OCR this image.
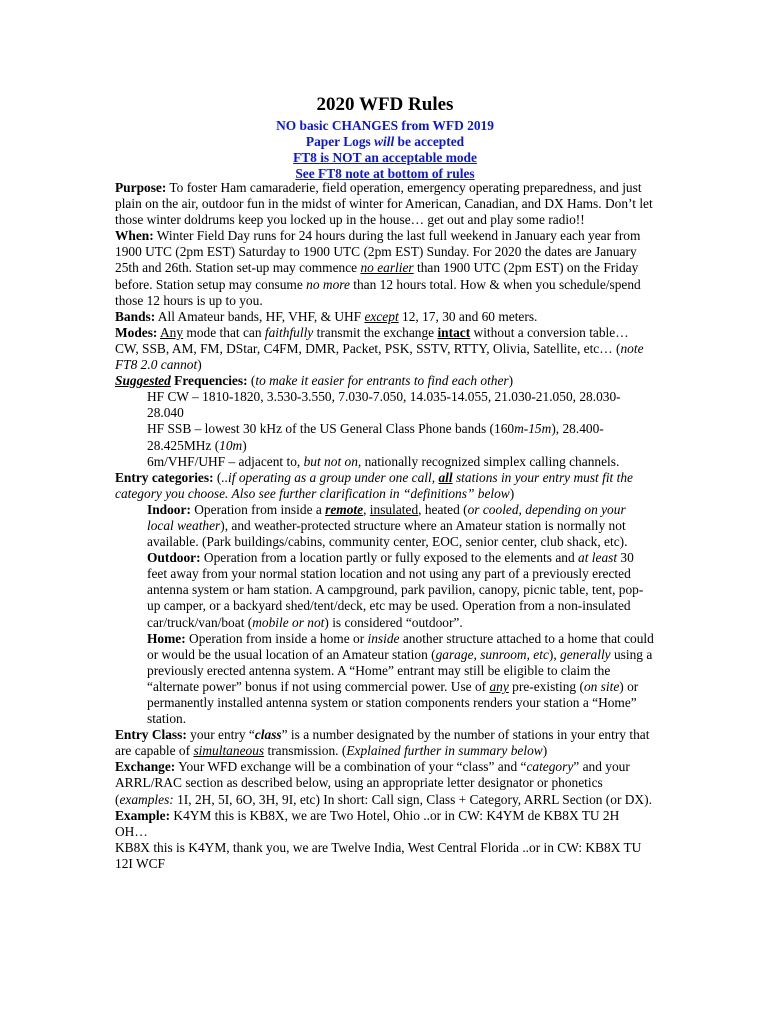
2020 WFD Rules
NO basic CHANGES from WFD 2019
Paper Logs will be accepted
FT8 is NOT an acceptable mode
See FT8 note at bottom of rules

Purpose: To foster Ham camaraderie, field operation, emergency operating preparedness, and just plain on the air, outdoor fun in the midst of winter for American, Canadian, and DX Hams. Don’t let those winter doldrums keep you locked up in the house… get out and play some radio!!

When: Winter Field Day runs for 24 hours during the last full weekend in January each year from 1900 UTC (2pm EST) Saturday to 1900 UTC (2pm EST) Sunday. For 2020 the dates are January 25th and 26th. Station set-up may commence no earlier than 1900 UTC (2pm EST) on the Friday before. Station setup may consume no more than 12 hours total. How & when you schedule/spend those 12 hours is up to you.

Bands: All Amateur bands, HF, VHF, & UHF except 12, 17, 30 and 60 meters.

Modes: Any mode that can faithfully transmit the exchange intact without a conversion table… CW, SSB, AM, FM, DStar, C4FM, DMR, Packet, PSK, SSTV, RTTY, Olivia, Satellite, etc… (note FT8 2.0 cannot)

Suggested Frequencies: (to make it easier for entrants to find each other)

HF CW – 1810-1820, 3.530-3.550, 7.030-7.050, 14.035-14.055, 21.030-21.050, 28.030-28.040

HF SSB – lowest 30 kHz of the US General Class Phone bands (160m-15m), 28.400-28.425MHz (10m)

6m/VHF/UHF – adjacent to, but not on, nationally recognized simplex calling channels.

Entry categories: (..if operating as a group under one call, all stations in your entry must fit the category you choose. Also see further clarification in “definitions” below)

Indoor: Operation from inside a remote, insulated, heated (or cooled, depending on your local weather), and weather-protected structure where an Amateur station is normally not available. (Park buildings/cabins, community center, EOC, senior center, club shack, etc).

Outdoor: Operation from a location partly or fully exposed to the elements and at least 30 feet away from your normal station location and not using any part of a previously erected antenna system or ham station. A campground, park pavilion, canopy, picnic table, tent, pop-up camper, or a backyard shed/tent/deck, etc may be used. Operation from a non-insulated car/truck/van/boat (mobile or not) is considered “outdoor”.

Home: Operation from inside a home or inside another structure attached to a home that could or would be the usual location of an Amateur station (garage, sunroom, etc), generally using a previously erected antenna system. A “Home” entrant may still be eligible to claim the “alternate power” bonus if not using commercial power. Use of any pre-existing (on site) or permanently installed antenna system or station components renders your station a “Home” station.

Entry Class: your entry “class” is a number designated by the number of stations in your entry that are capable of simultaneous transmission. (Explained further in summary below)

Exchange: Your WFD exchange will be a combination of your “class” and “category” and your ARRL/RAC section as described below, using an appropriate letter designator or phonetics (examples: 1I, 2H, 5I, 6O, 3H, 9I, etc) In short: Call sign, Class + Category, ARRL Section (or DX).

Example: K4YM this is KB8X, we are Two Hotel, Ohio ..or in CW: K4YM de KB8X TU 2H OH…

KB8X this is K4YM, thank you, we are Twelve India, West Central Florida ..or in CW: KB8X TU 12I WCF
